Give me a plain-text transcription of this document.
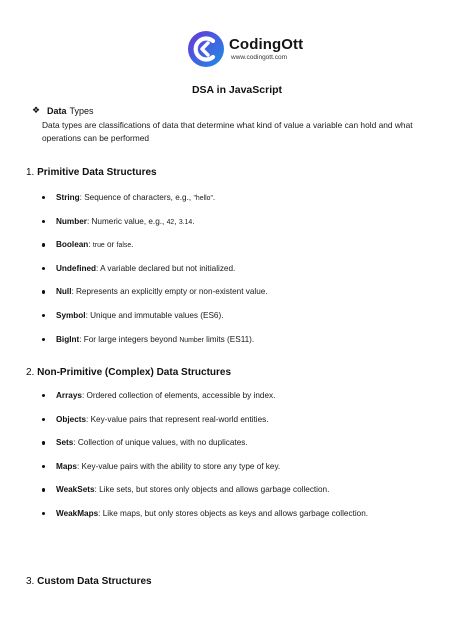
CodingOtt
www.codingott.com
DSA in JavaScript
❖ Data Types
Data types are classifications of data that determine what kind of value a variable can hold and what operations can be performed
1. Primitive Data Structures
String: Sequence of characters, e.g., "hello".
Number: Numeric value, e.g., 42, 3.14.
Boolean: true or false.
Undefined: A variable declared but not initialized.
Null: Represents an explicitly empty or non-existent value.
Symbol: Unique and immutable values (ES6).
BigInt: For large integers beyond Number limits (ES11).
2. Non-Primitive (Complex) Data Structures
Arrays: Ordered collection of elements, accessible by index.
Objects: Key-value pairs that represent real-world entities.
Sets: Collection of unique values, with no duplicates.
Maps: Key-value pairs with the ability to store any type of key.
WeakSets: Like sets, but stores only objects and allows garbage collection.
WeakMaps: Like maps, but only stores objects as keys and allows garbage collection.
3. Custom Data Structures
